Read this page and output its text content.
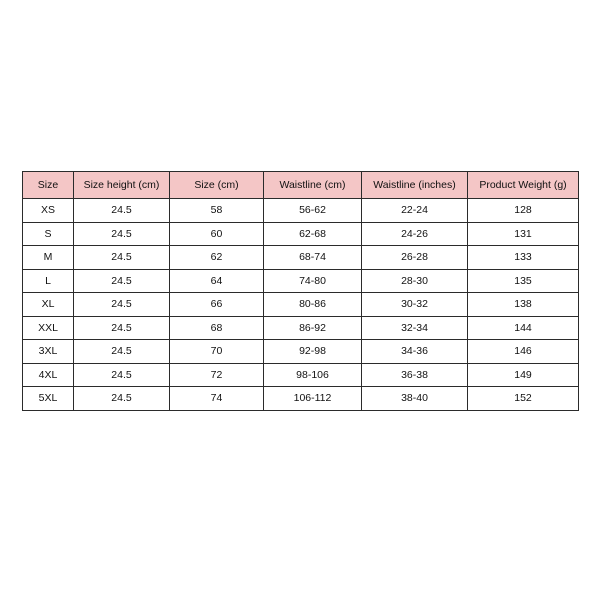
Size	Size height (cm)	Size (cm)	Waistline (cm)	Waistline (inches)	Product Weight (g)
XS	24.5	58	56-62	22-24	128
S	24.5	60	62-68	24-26	131
M	24.5	62	68-74	26-28	133
L	24.5	64	74-80	28-30	135
XL	24.5	66	80-86	30-32	138
XXL	24.5	68	86-92	32-34	144
3XL	24.5	70	92-98	34-36	146
4XL	24.5	72	98-106	36-38	149
5XL	24.5	74	106-112	38-40	152
